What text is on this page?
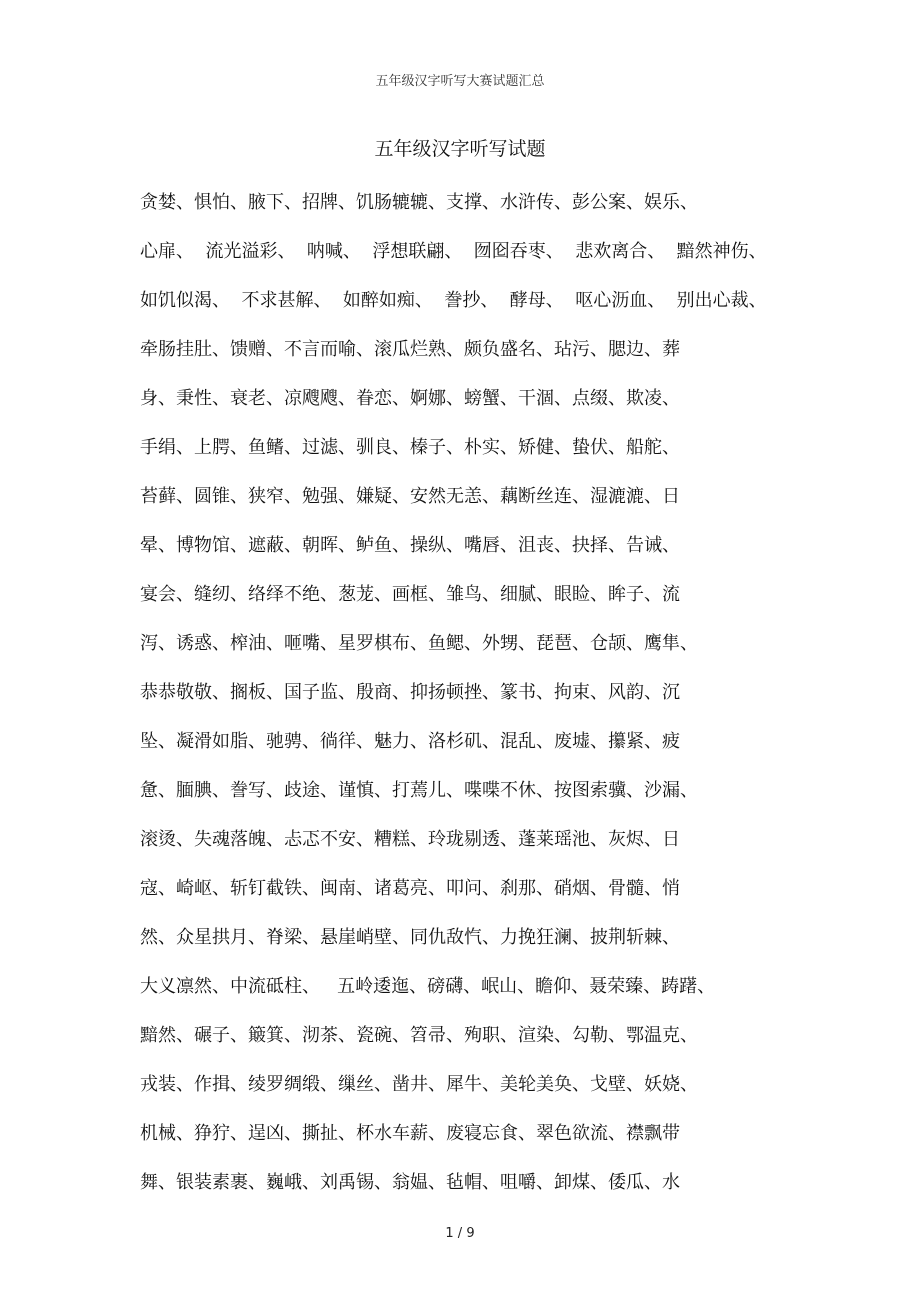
五年级汉字听写大赛试题汇总
五年级汉字听写试题
贪婪、惧怕、腋下、招牌、饥肠辘辘、支撑、水浒传、彭公案、娱乐、
心扉、  流光溢彩、  呐喊、  浮想联翩、  囫囵吞枣、  悲欢离合、  黯然神伤、
如饥似渴、  不求甚解、  如醉如痴、  誊抄、  酵母、  呕心沥血、  别出心裁、
牵肠挂肚、馈赠、不言而喻、滚瓜烂熟、颇负盛名、玷污、腮边、葬
身、秉性、衰老、凉飕飕、眷恋、婀娜、螃蟹、干涸、点缀、欺凌、
手绢、上腭、鱼鳍、过滤、驯良、榛子、朴实、矫健、蛰伏、船舵、
苔藓、圆锥、狭窄、勉强、嫌疑、安然无恙、藕断丝连、湿漉漉、日
晕、博物馆、遮蔽、朝晖、鲈鱼、操纵、嘴唇、沮丧、抉择、告诫、
宴会、缝纫、络绎不绝、葱茏、画框、雏鸟、细腻、眼睑、眸子、流
泻、诱惑、榨油、咂嘴、星罗棋布、鱼鳃、外甥、琵琶、仓颉、鹰隼、
恭恭敬敬、搁板、国子监、殷商、抑扬顿挫、篆书、拘束、风韵、沉
坠、凝滑如脂、驰骋、徜徉、魅力、洛杉矶、混乱、废墟、攥紧、疲
惫、腼腆、誊写、歧途、谨慎、打蔫儿、喋喋不休、按图索骥、沙漏、
滚烫、失魂落魄、忐忑不安、糟糕、玲珑剔透、蓬莱瑶池、灰烬、日
寇、崎岖、斩钉截铁、闽南、诸葛亮、叩问、刹那、硝烟、骨髓、悄
然、众星拱月、脊梁、悬崖峭壁、同仇敌忾、力挽狂澜、披荆斩棘、
大义凛然、中流砥柱、   五岭逶迤、磅礴、岷山、瞻仰、聂荣臻、踌躇、
黯然、碾子、簸箕、沏茶、瓷碗、笤帚、殉职、渲染、勾勒、鄂温克、
戎装、作揖、绫罗绸缎、缫丝、凿井、犀牛、美轮美奂、戈壁、妖娆、
机械、狰狞、逞凶、撕扯、杯水车薪、废寝忘食、翠色欲流、襟飘带
舞、银装素裹、巍峨、刘禹锡、翁媪、毡帽、咀嚼、卸煤、倭瓜、水
1 / 9
